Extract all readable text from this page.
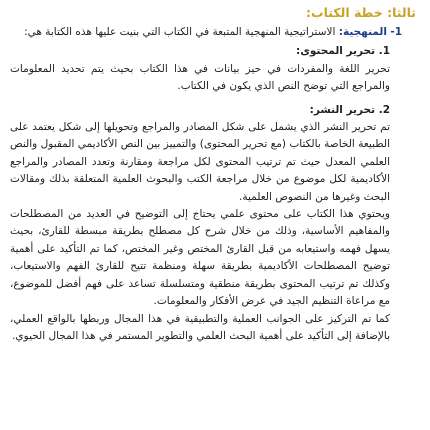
ثالثا: خطة الكتاب:

1- المنهجية: الاستراتيجية المنهجية المتبعة في الكتاب التي بنيت عليها هذه الكتابة هي:

1. تحرير المحتوى:

تحرير اللغة والمفردات في حيز بيانات في هذا الكتاب بحيث يتم تحديد المعلومات والمراجع التي توضح النص الذي يكون في الكتاب.

2. تحرير النشر:

تم تحرير النشر الذي يشمل على شكل المصادر والمراجع وتحويلها إلى شكل يعتمد على الطبيعة الخاصة بالكتاب (مع تحرير المحتوى) والتمييز بين النص الأكاديمي المقبول والنص العلمي المعدل حيث تم ترتيب المحتوى لكل مراجعة ومقارنة وتعدد المصادر والمراجع الأكاديمية لكل موضوع من خلال مراجعة الكتب والبحوث العلمية المتعلقة بذلك ومقالات البحث وغيرها من النصوص العلمية.

ويحتوي هذا الكتاب على محتوى علمي يحتاج إلى التوضيح في العديد من المصطلحات والمفاهيم الأساسية، وذلك من خلال شرح كل مصطلح بطريقة مبسطة للقارئ، بحيث يسهل فهمه واستيعابه من قبل القارئ المختص وغير المختص، كما تم التأكيد على أهمية توضيح المصطلحات الأكاديمية بطريقة سهلة ومنظمة تتيح للقارئ الفهم والاستيعاب، وكذلك تم ترتيب المحتوى بطريقة منطقية ومتسلسلة تساعد على فهم أفضل للموضوع، مع مراعاة التنظيم الجيد في عرض الأفكار والمعلومات.

كما تم التركيز على الجوانب العملية والتطبيقية في هذا المجال وربطها بالواقع العملي، بالإضافة إلى التأكيد على أهمية البحث العلمي والتطوير المستمر في هذا المجال الحيوي.
